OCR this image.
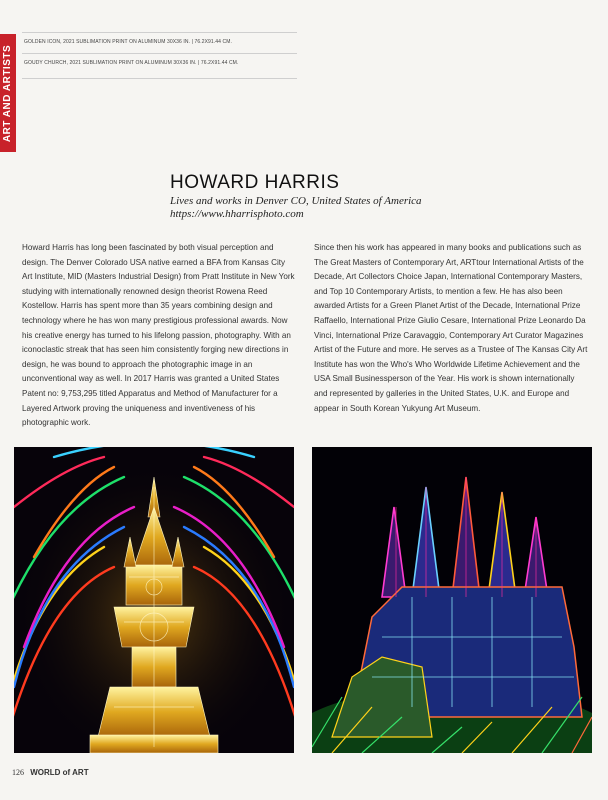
ART AND ARTISTS
GOLDEN ICON, 2021 SUBLIMATION PRINT ON ALUMINUM 30X36 IN. | 76.2X91.44 CM.
GOUDY CHURCH, 2021 SUBLIMATION PRINT ON ALUMINUM 30X36 IN. | 76.2X91.44 CM.
HOWARD HARRIS
Lives and works in Denver CO, United States of America
https://www.hharrisphoto.com

Howard Harris has long been fascinated by both visual perception and design. The Denver Colorado USA native earned a BFA from Kansas City Art Institute, MID (Masters Industrial Design) from Pratt Institute in New York studying with internationally renowned design theorist Rowena Reed Kostellow. Harris has spent more than 35 years combining design and technology where he has won many prestigious professional awards. Now his creative energy has turned to his lifelong passion, photography. With an iconoclastic streak that has seen him consistently forging new directions in design, he was bound to approach the photographic image in an unconventional way as well. In 2017 Harris was granted a United States Patent no: 9,753,295 titled Apparatus and Method of Manufacturer for a Layered Artwork proving the uniqueness and inventiveness of his photographic work.

Since then his work has appeared in many books and publications such as The Great Masters of Contemporary Art, ARTtour International Artists of the Decade, Art Collectors Choice Japan, International Contemporary Masters, and Top 10 Contemporary Artists, to mention a few. He has also been awarded Artists for a Green Planet Artist of the Decade, International Prize Raffaello, International Prize Giulio Cesare, International Prize Leonardo Da Vinci, International Prize Caravaggio, Contemporary Art Curator Magazines Artist of the Future and more. He serves as a Trustee of The Kansas City Art Institute has won the Who's Who Worldwide Lifetime Achievement and the USA Small Businessperson of the Year. His work is shown internationally and represented by galleries in the United States, U.K. and Europe and appear in South Korean Yukyung Art Museum.

126 WORLD of ART
